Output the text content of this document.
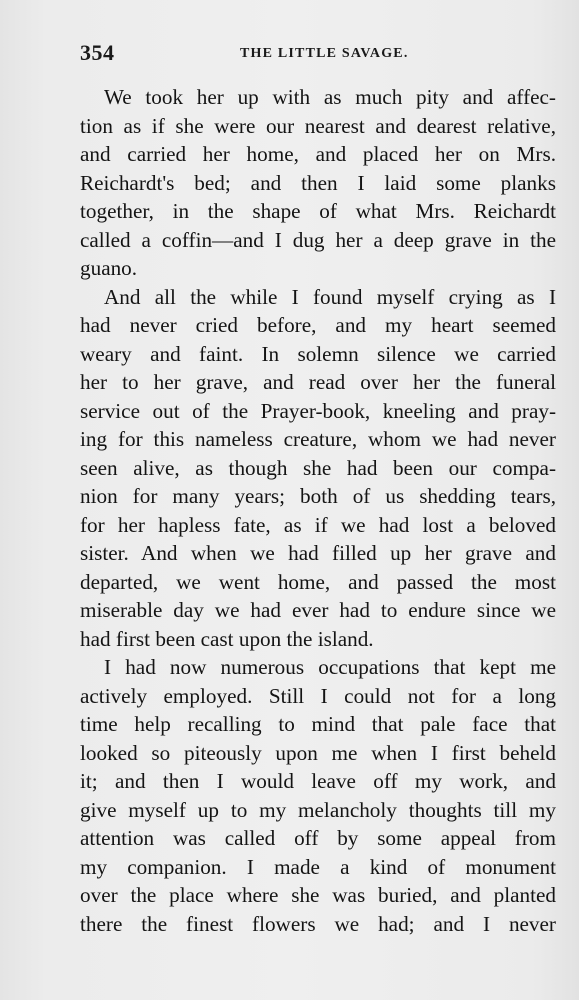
354	THE LITTLE SAVAGE.
We took her up with as much pity and affec-
tion as if she were our nearest and dearest relative,
and carried her home, and placed her on Mrs.
Reichardt's bed; and then I laid some planks
together, in the shape of what Mrs. Reichardt
called a coffin—and I dug her a deep grave in the
guano.
And all the while I found myself crying as I
had never cried before, and my heart seemed
weary and faint. In solemn silence we carried
her to her grave, and read over her the funeral
service out of the Prayer-book, kneeling and pray-
ing for this nameless creature, whom we had never
seen alive, as though she had been our compa-
nion for many years; both of us shedding tears,
for her hapless fate, as if we had lost a beloved
sister. And when we had filled up her grave and
departed, we went home, and passed the most
miserable day we had ever had to endure since we
had first been cast upon the island.
I had now numerous occupations that kept me
actively employed. Still I could not for a long
time help recalling to mind that pale face that
looked so piteously upon me when I first beheld
it; and then I would leave off my work, and
give myself up to my melancholy thoughts till my
attention was called off by some appeal from
my companion. I made a kind of monument
over the place where she was buried, and planted
there the finest flowers we had; and I never
